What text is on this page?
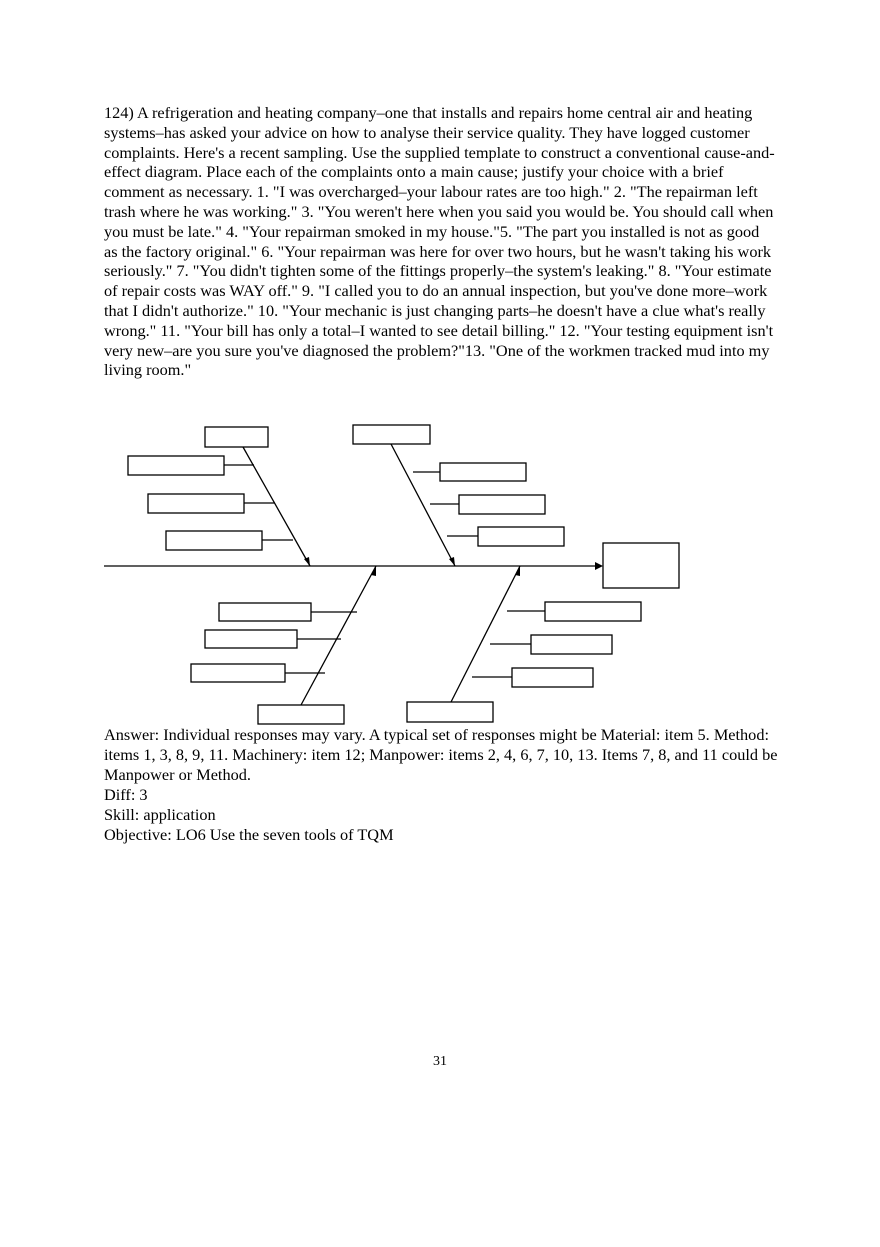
124) A refrigeration and heating company–one that installs and repairs home central air and heating systems–has asked your advice on how to analyse their service quality. They have logged customer complaints. Here's a recent sampling. Use the supplied template to construct a conventional cause-and-effect diagram. Place each of the complaints onto a main cause; justify your choice with a brief comment as necessary. 1. "I was overcharged–your labour rates are too high." 2. "The repairman left trash where he was working." 3. "You weren't here when you said you would be. You should call when you must be late." 4. "Your repairman smoked in my house."5. "The part you installed is not as good as the factory original." 6. "Your repairman was here for over two hours, but he wasn't taking his work seriously." 7. "You didn't tighten some of the fittings properly–the system's leaking." 8. "Your estimate of repair costs was WAY off." 9. "I called you to do an annual inspection, but you've done more–work that I didn't authorize." 10. "Your mechanic is just changing parts–he doesn't have a clue what's really wrong." 11. "Your bill has only a total–I wanted to see detail billing." 12. "Your testing equipment isn't very new–are you sure you've diagnosed the problem?"13. "One of the workmen tracked mud into my living room."

Answer: Individual responses may vary. A typical set of responses might be Material: item 5. Method: items 1, 3, 8, 9, 11. Machinery: item 12; Manpower: items 2, 4, 6, 7, 10, 13. Items 7, 8, and 11 could be Manpower or Method.

Diff: 3

Skill: application

Objective: LO6 Use the seven tools of TQM

31
